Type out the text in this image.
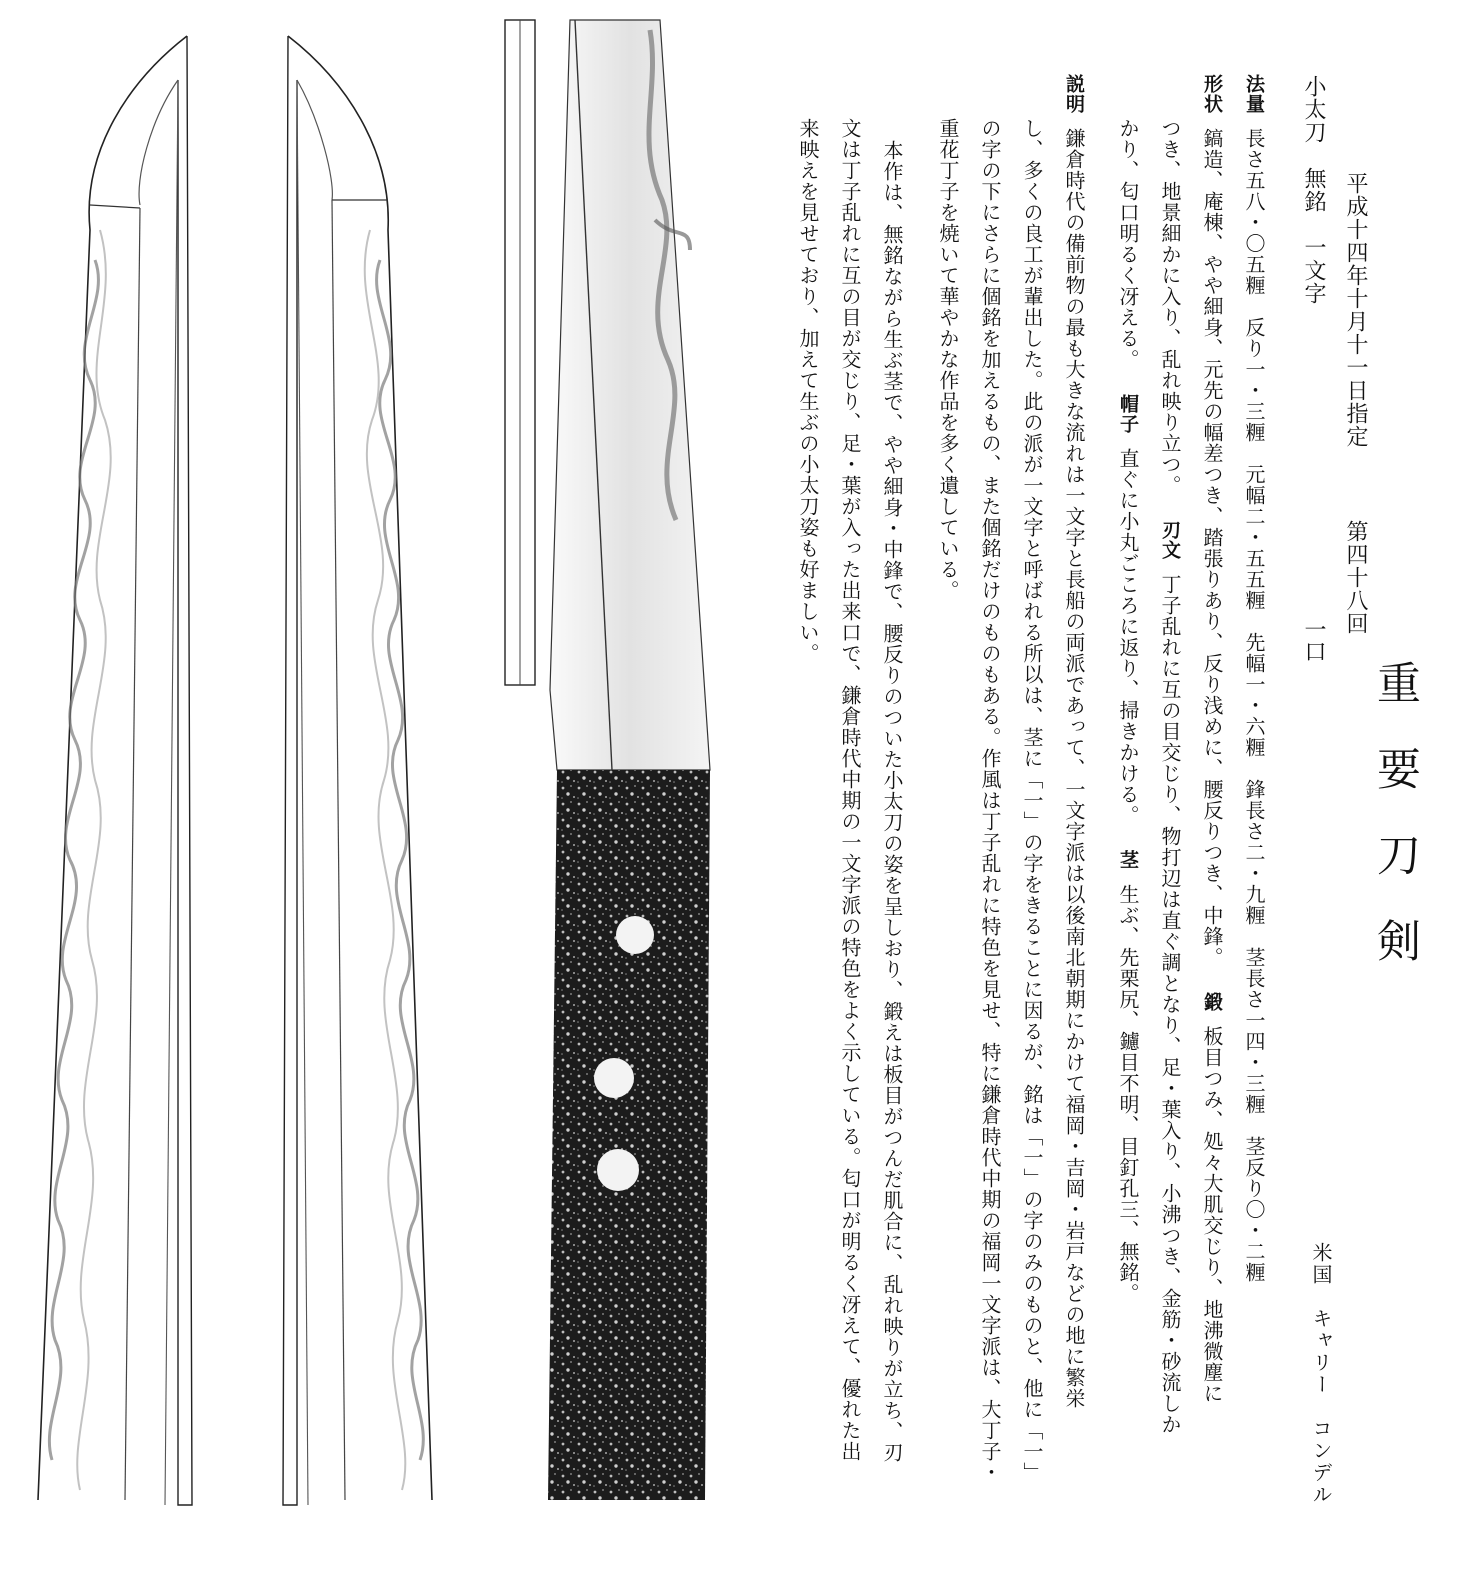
平成十四年十月十一日指定
第四十八回
重要刀剣
小太刀　無銘　一文字
一口
米国　キャリー　コンデル
法量長さ五八・〇五糎　反り一・三糎　元幅二・五五糎　先幅一・六糎　鋒長さ二・九糎　茎長さ一四・三糎　茎反り〇・二糎
形状鎬造、庵棟、やや細身、元先の幅差つき、踏張りあり、反り浅めに、腰反りつき、中鋒。鍛板目つみ、処々大肌交じり、地沸微塵に
つき、地景細かに入り、乱れ映り立つ。刃文丁子乱れに互の目交じり、物打辺は直ぐ調となり、足・葉入り、小沸つき、金筋・砂流しか
かり、匂口明るく冴える。帽子直ぐに小丸ごころに返り、掃きかける。茎生ぶ、先栗尻、鑢目不明、目釘孔三、無銘。
説明鎌倉時代の備前物の最も大きな流れは一文字と長船の両派であって、一文字派は以後南北朝期にかけて福岡・吉岡・岩戸などの地に繁栄
し、多くの良工が輩出した。此の派が一文字と呼ばれる所以は、茎に「一」の字をきることに因るが、銘は「一」の字のみのものと、他に「一」
の字の下にさらに個銘を加えるもの、また個銘だけのものもある。作風は丁子乱れに特色を見せ、特に鎌倉時代中期の福岡一文字派は、大丁子・
重花丁子を焼いて華やかな作品を多く遺している。
本作は、無銘ながら生ぶ茎で、やや細身・中鋒で、腰反りのついた小太刀の姿を呈しおり、鍛えは板目がつんだ肌合に、乱れ映りが立ち、刃
文は丁子乱れに互の目が交じり、足・葉が入った出来口で、鎌倉時代中期の一文字派の特色をよく示している。匂口が明るく冴えて、優れた出
来映えを見せており、加えて生ぶの小太刀姿も好ましい。
